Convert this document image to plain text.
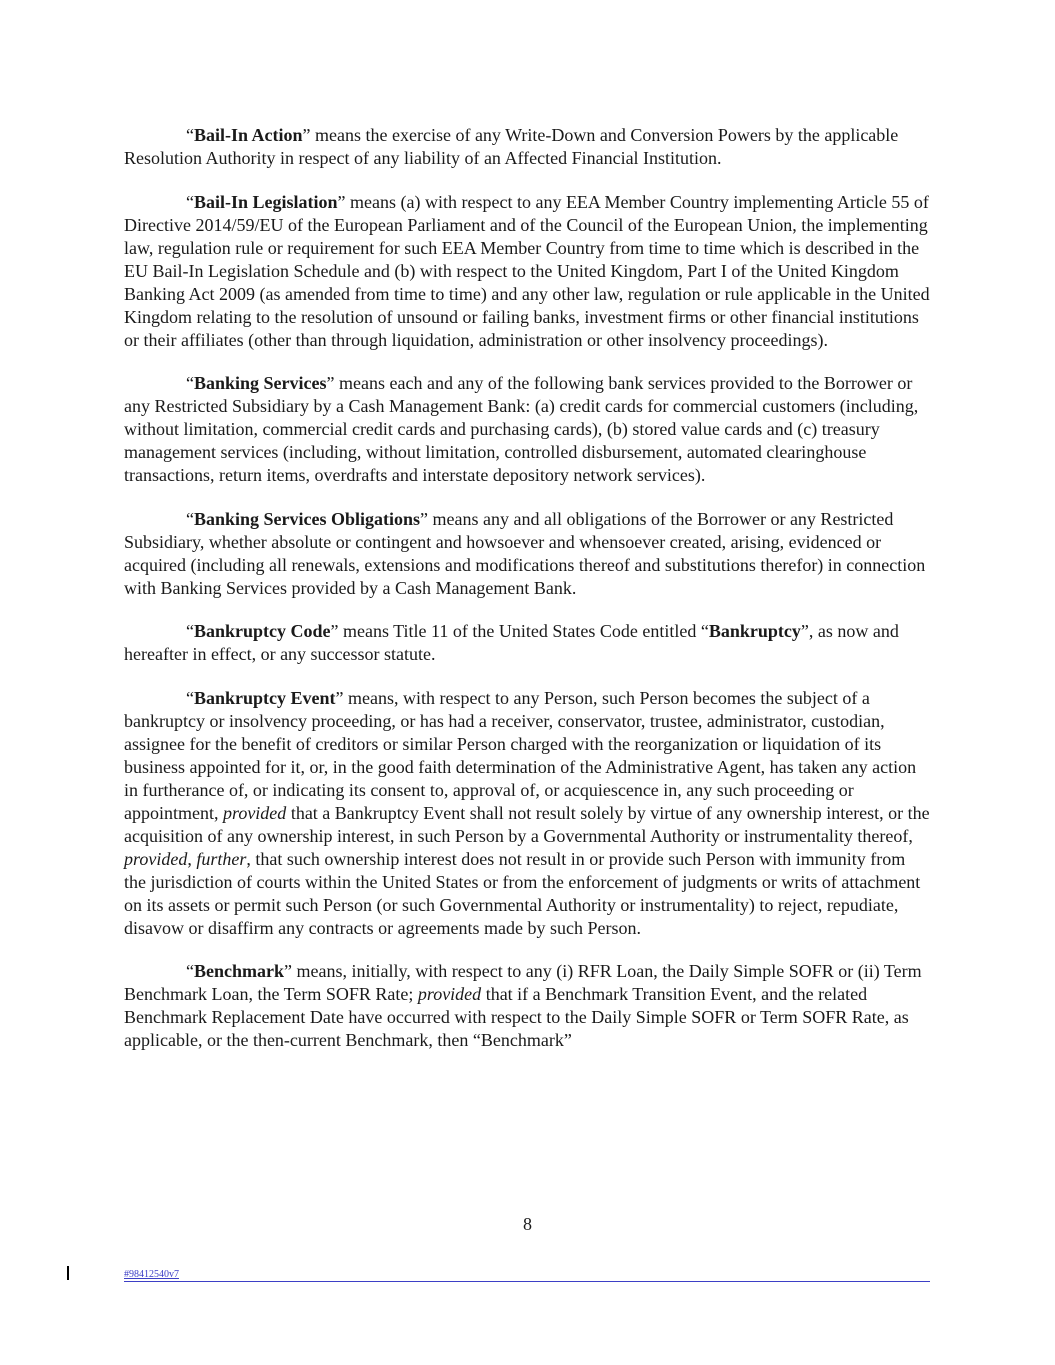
“Bail-In Action” means the exercise of any Write-Down and Conversion Powers by the applicable Resolution Authority in respect of any liability of an Affected Financial Institution.

“Bail-In Legislation” means (a) with respect to any EEA Member Country implementing Article 55 of Directive 2014/59/EU of the European Parliament and of the Council of the European Union, the implementing law, regulation rule or requirement for such EEA Member Country from time to time which is described in the EU Bail-In Legislation Schedule and (b) with respect to the United Kingdom, Part I of the United Kingdom Banking Act 2009 (as amended from time to time) and any other law, regulation or rule applicable in the United Kingdom relating to the resolution of unsound or failing banks, investment firms or other financial institutions or their affiliates (other than through liquidation, administration or other insolvency proceedings).

“Banking Services” means each and any of the following bank services provided to the Borrower or any Restricted Subsidiary by a Cash Management Bank: (a) credit cards for commercial customers (including, without limitation, commercial credit cards and purchasing cards), (b) stored value cards and (c) treasury management services (including, without limitation, controlled disbursement, automated clearinghouse transactions, return items, overdrafts and interstate depository network services).

“Banking Services Obligations” means any and all obligations of the Borrower or any Restricted Subsidiary, whether absolute or contingent and howsoever and whensoever created, arising, evidenced or acquired (including all renewals, extensions and modifications thereof and substitutions therefor) in connection with Banking Services provided by a Cash Management Bank.

“Bankruptcy Code” means Title 11 of the United States Code entitled “Bankruptcy”, as now and hereafter in effect, or any successor statute.

“Bankruptcy Event” means, with respect to any Person, such Person becomes the subject of a bankruptcy or insolvency proceeding, or has had a receiver, conservator, trustee, administrator, custodian, assignee for the benefit of creditors or similar Person charged with the reorganization or liquidation of its business appointed for it, or, in the good faith determination of the Administrative Agent, has taken any action in furtherance of, or indicating its consent to, approval of, or acquiescence in, any such proceeding or appointment, provided that a Bankruptcy Event shall not result solely by virtue of any ownership interest, or the acquisition of any ownership interest, in such Person by a Governmental Authority or instrumentality thereof, provided, further, that such ownership interest does not result in or provide such Person with immunity from the jurisdiction of courts within the United States or from the enforcement of judgments or writs of attachment on its assets or permit such Person (or such Governmental Authority or instrumentality) to reject, repudiate, disavow or disaffirm any contracts or agreements made by such Person.

“Benchmark” means, initially, with respect to any (i) RFR Loan, the Daily Simple SOFR or (ii) Term Benchmark Loan, the Term SOFR Rate; provided that if a Benchmark Transition Event, and the related Benchmark Replacement Date have occurred with respect to the Daily Simple SOFR or Term SOFR Rate, as applicable, or the then-current Benchmark, then “Benchmark”

8
#98412540v7
